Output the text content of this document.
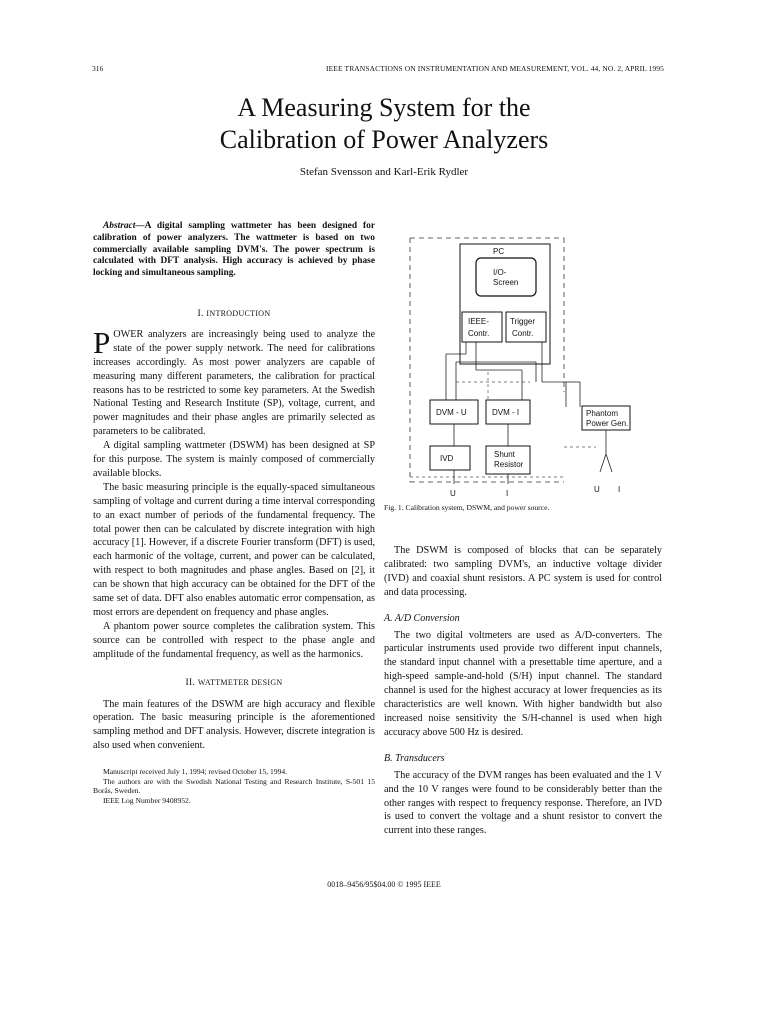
316	IEEE TRANSACTIONS ON INSTRUMENTATION AND MEASUREMENT, VOL. 44, NO. 2, APRIL 1995
A Measuring System for the
Calibration of Power Analyzers
Stefan Svensson and Karl-Erik Rydler

Abstract—A digital sampling wattmeter has been designed for calibration of power analyzers. The wattmeter is based on two commercially available sampling DVM's. The power spectrum is calculated with DFT analysis. High accuracy is achieved by phase locking and simultaneous sampling.

I. INTRODUCTION

POWER analyzers are increasingly being used to analyze the state of the power supply network. The need for calibrations increases accordingly. As most power analyzers are capable of measuring many different parameters, the calibration for practical reasons has to be restricted to some key parameters. At the Swedish National Testing and Research Institute (SP), voltage, current, and power magnitudes and their phase angles are primarily selected as parameters to be calibrated.

A digital sampling wattmeter (DSWM) has been designed at SP for this purpose. The system is mainly composed of commercially available blocks.

The basic measuring principle is the equally-spaced simultaneous sampling of voltage and current during a time interval corresponding to an exact number of periods of the fundamental frequency. The total power then can be calculated by discrete integration with high accuracy [1]. However, if a discrete Fourier transform (DFT) is used, each harmonic of the voltage, current, and power can be calculated, with respect to both magnitudes and phase angles. Based on [2], it can be shown that high accuracy can be obtained for the DFT of the same set of data. DFT also enables automatic error compensation, as most errors are dependent on frequency and phase angles.

A phantom power source completes the calibration system. This source can be controlled with respect to the phase angle and amplitude of the fundamental frequency, as well as the harmonics.

II. WATTMETER DESIGN

The main features of the DSWM are high accuracy and flexible operation. The basic measuring principle is the aforementioned sampling method and DFT analysis. However, discrete integration is also used when convenient.

Manuscript received July 1, 1994; revised October 15, 1994.

The authors are with the Swedish National Testing and Research Institute, S-501 15 Borås, Sweden.

IEEE Log Number 9408952.

PC
I/O-
Screen
IEEE-
Contr.
Trigger
Contr.
DVM - U	DVM - I	Phantom
Power Gen.
IVD	Shunt
Resistor
U	I	U I
Fig. 1. Calibration system, DSWM, and power source.

The DSWM is composed of blocks that can be separately calibrated: two sampling DVM's, an inductive voltage divider (IVD) and coaxial shunt resistors. A PC system is used for control and data processing.

A. A/D Conversion

The two digital voltmeters are used as A/D-converters. The particular instruments used provide two different input channels, the standard input channel with a presettable time aperture, and a high-speed sample-and-hold (S/H) input channel. The standard channel is used for the highest accuracy at lower frequencies as its characteristics are well known. With higher bandwidth but also increased noise sensitivity the S/H-channel is used when high accuracy above 500 Hz is desired.

B. Transducers

The accuracy of the DVM ranges has been evaluated and the 1 V and the 10 V ranges were found to be considerably better than the other ranges with respect to frequency response. Therefore, an IVD is used to convert the voltage and a shunt resistor to convert the current into these ranges.

0018–9456/95$04.00 © 1995 IEEE
